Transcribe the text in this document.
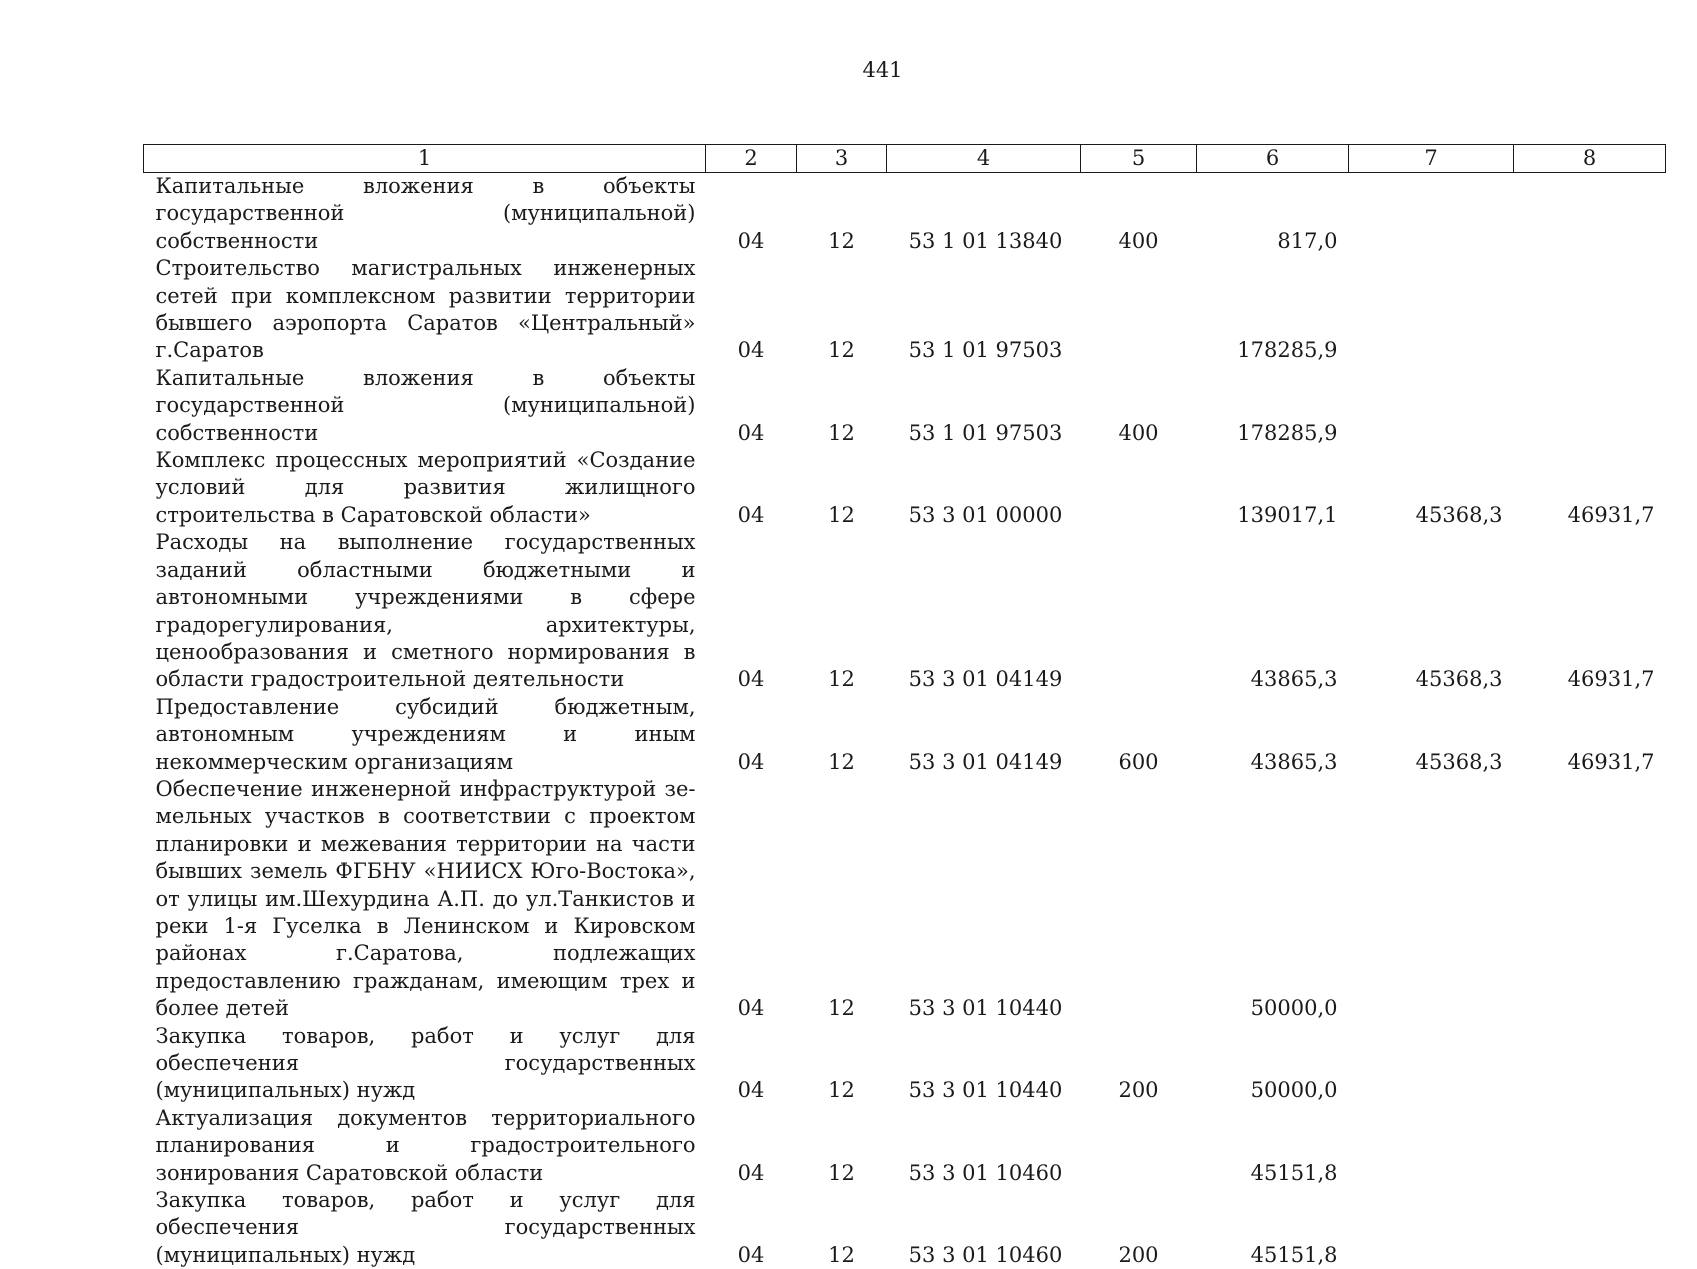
441
1	2	3	4	5	6	7	8
Капитальные вложения в объекты государственной (муниципальной) собственности	04	12	53 1 01 13840	400	817,0		
Строительство магистральных инженерных сетей при комплексном развитии территории бывшего аэропорта Саратов «Центральный» г.Саратов	04	12	53 1 01 97503		178285,9		
Капитальные вложения в объекты государственной (муниципальной) собственности	04	12	53 1 01 97503	400	178285,9		
Комплекс процессных мероприятий «Создание условий для развития жилищного строительства в Саратовской области»	04	12	53 3 01 00000		139017,1	45368,3	46931,7
Расходы на выполнение государственных заданий областными бюджетными и автономными учреждениями в сфере градорегулирования, архитектуры, ценообразования и сметного нормирования в области градостроительной деятельности	04	12	53 3 01 04149		43865,3	45368,3	46931,7
Предоставление субсидий бюджетным, автономным учреждениям и иным некоммерческим организациям	04	12	53 3 01 04149	600	43865,3	45368,3	46931,7
Обеспечение инженерной инфраструктурой земельных участков в соответствии с проектом планировки и межевания территории на части бывших земель ФГБНУ «НИИСХ Юго-Востока», от улицы им.Шехурдина А.П. до ул.Танкистов и реки 1-я Гуселка в Ленинском и Кировском районах г.Саратова, подлежащих предоставлению гражданам, имеющим трех и более детей	04	12	53 3 01 10440		50000,0		
Закупка товаров, работ и услуг для обеспечения государственных (муниципальных) нужд	04	12	53 3 01 10440	200	50000,0		
Актуализация документов территориального планирования и градостроительного зонирования Саратовской области	04	12	53 3 01 10460		45151,8		
Закупка товаров, работ и услуг для обеспечения государственных (муниципальных) нужд	04	12	53 3 01 10460	200	45151,8		
